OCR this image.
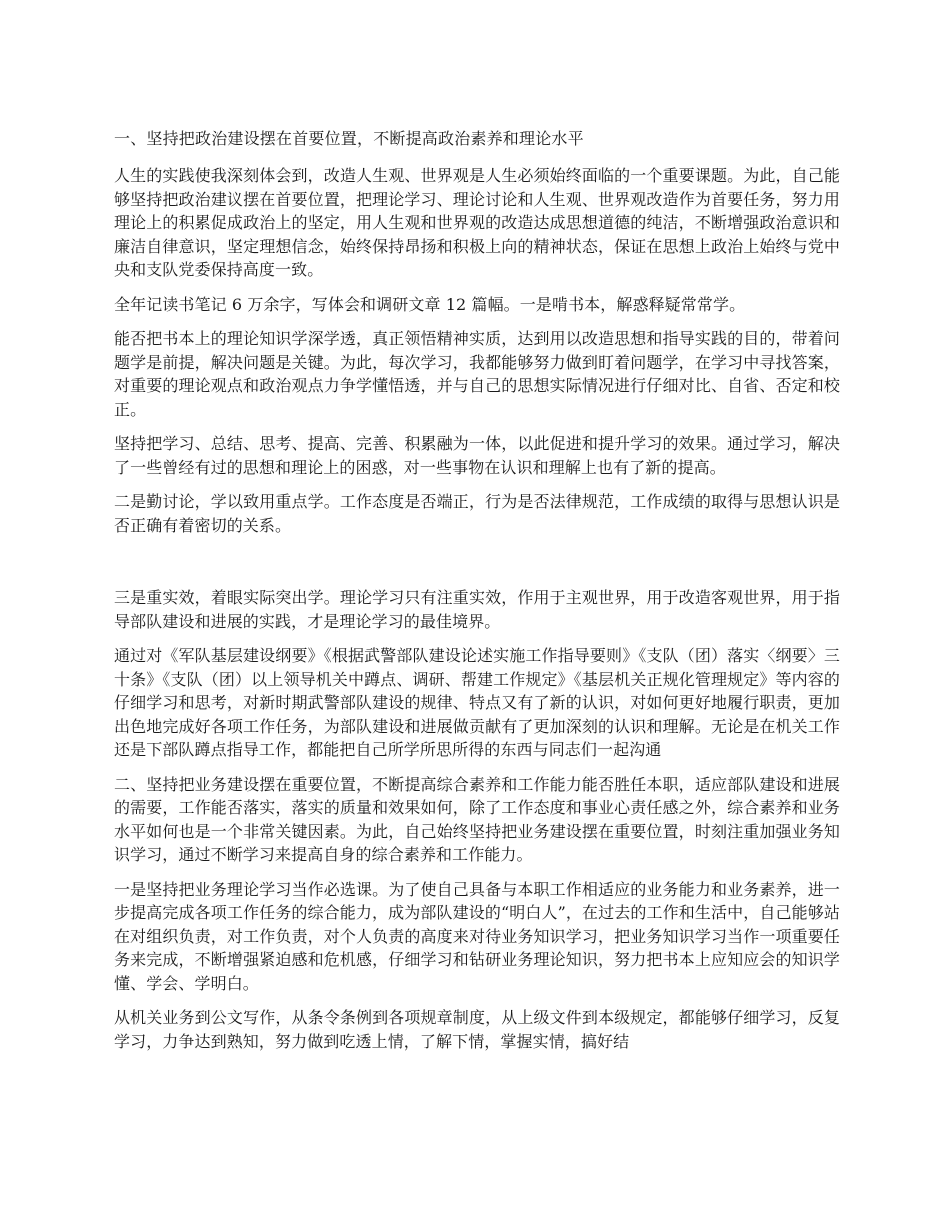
一、坚持把政治建设摆在首要位置，不断提高政治素养和理论水平

人生的实践使我深刻体会到，改造人生观、世界观是人生必须始终面临的一个重要课题。为此，自己能够坚持把政治建议摆在首要位置，把理论学习、理论讨论和人生观、世界观改造作为首要任务，努力用理论上的积累促成政治上的坚定，用人生观和世界观的改造达成思想道德的纯洁，不断增强政治意识和廉洁自律意识，坚定理想信念，始终保持昂扬和积极上向的精神状态，保证在思想上政治上始终与党中央和支队党委保持高度一致。

全年记读书笔记 6 万余字，写体会和调研文章 12 篇幅。一是啃书本，解惑释疑常常学。

能否把书本上的理论知识学深学透，真正领悟精神实质，达到用以改造思想和指导实践的目的，带着问题学是前提，解决问题是关键。为此，每次学习，我都能够努力做到盯着问题学，在学习中寻找答案，对重要的理论观点和政治观点力争学懂悟透，并与自己的思想实际情况进行仔细对比、自省、否定和校正。

坚持把学习、总结、思考、提高、完善、积累融为一体，以此促进和提升学习的效果。通过学习，解决了一些曾经有过的思想和理论上的困惑，对一些事物在认识和理解上也有了新的提高。

二是勤讨论，学以致用重点学。工作态度是否端正，行为是否法律规范，工作成绩的取得与思想认识是否正确有着密切的关系。

三是重实效，着眼实际突出学。理论学习只有注重实效，作用于主观世界，用于改造客观世界，用于指导部队建设和进展的实践，才是理论学习的最佳境界。

通过对《军队基层建设纲要》《根据武警部队建设论述实施工作指导要则》《支队（团）落实〈纲要〉三十条》《支队（团）以上领导机关中蹲点、调研、帮建工作规定》《基层机关正规化管理规定》等内容的仔细学习和思考，对新时期武警部队建设的规律、特点又有了新的认识，对如何更好地履行职责，更加出色地完成好各项工作任务，为部队建设和进展做贡献有了更加深刻的认识和理解。无论是在机关工作还是下部队蹲点指导工作，都能把自己所学所思所得的东西与同志们一起沟通

二、坚持把业务建设摆在重要位置，不断提高综合素养和工作能力能否胜任本职，适应部队建设和进展的需要，工作能否落实，落实的质量和效果如何，除了工作态度和事业心责任感之外，综合素养和业务水平如何也是一个非常关键因素。为此，自己始终坚持把业务建设摆在重要位置，时刻注重加强业务知识学习，通过不断学习来提高自身的综合素养和工作能力。

一是坚持把业务理论学习当作必选课。为了使自己具备与本职工作相适应的业务能力和业务素养，进一步提高完成各项工作任务的综合能力，成为部队建设的“明白人”，在过去的工作和生活中，自己能够站在对组织负责，对工作负责，对个人负责的高度来对待业务知识学习，把业务知识学习当作一项重要任务来完成，不断增强紧迫感和危机感，仔细学习和钻研业务理论知识，努力把书本上应知应会的知识学懂、学会、学明白。

从机关业务到公文写作，从条令条例到各项规章制度，从上级文件到本级规定，都能够仔细学习，反复学习，力争达到熟知，努力做到吃透上情，了解下情，掌握实情，搞好结
